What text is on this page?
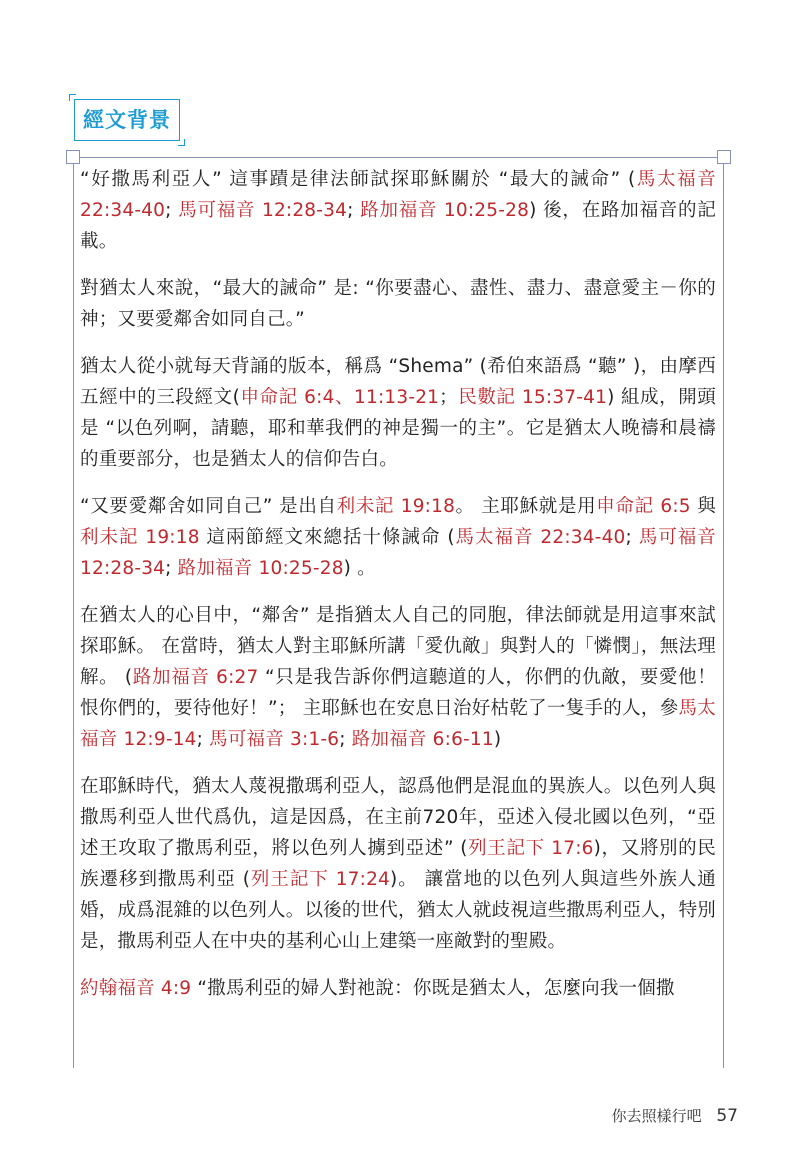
經文背景

“好撒馬利亞人” 這事蹟是律法師試探耶穌關於 “最大的誡命” (馬太福音 22:34-40; 馬可福音 12:28-34; 路加福音 10:25-28) 後，在路加福音的記載。

對猶太人來說，“最大的誡命” 是: “你要盡心、盡性、盡力、盡意愛主－你的神；又要愛鄰舍如同自己。”

猶太人從小就每天背誦的版本，稱爲 “Shema” (希伯來語爲 “聽” )，由摩西五經中的三段經文(申命記 6:4、11:13-21；民數記 15:37-41) 組成，開頭是 “以色列啊，請聽，耶和華我們的神是獨一的主”。它是猶太人晚禱和晨禱的重要部分，也是猶太人的信仰告白。

“又要愛鄰舍如同自己” 是出自利未記 19:18。 主耶穌就是用申命記 6:5 與利未記 19:18 這兩節經文來總括十條誡命 (馬太福音 22:34-40; 馬可福音 12:28-34; 路加福音 10:25-28) 。

在猶太人的心目中，“鄰舍” 是指猶太人自己的同胞，律法師就是用這事來試探耶穌。 在當時，猶太人對主耶穌所講「愛仇敵」與對人的「憐憫」，無法理解。 (路加福音 6:27 “只是我告訴你們這聽道的人，你們的仇敵，要愛他！恨你們的，要待他好！”； 主耶穌也在安息日治好枯乾了一隻手的人，參馬太福音 12:9-14; 馬可福音 3:1-6; 路加福音 6:6-11)

在耶穌時代，猶太人蔑視撒瑪利亞人，認爲他們是混血的異族人。以色列人與撒馬利亞人世代爲仇，這是因爲，在主前720年，亞述入侵北國以色列，“亞述王攻取了撒馬利亞，將以色列人擄到亞述” (列王記下 17:6)，又將別的民族遷移到撒馬利亞 (列王記下 17:24)。 讓當地的以色列人與這些外族人通婚，成爲混雜的以色列人。以後的世代，猶太人就歧視這些撒馬利亞人，特別是，撒馬利亞人在中央的基利心山上建築一座敵對的聖殿。

約翰福音 4:9 “撒馬利亞的婦人對祂說：你既是猶太人，怎麼向我一個撒

你去照樣行吧 57
